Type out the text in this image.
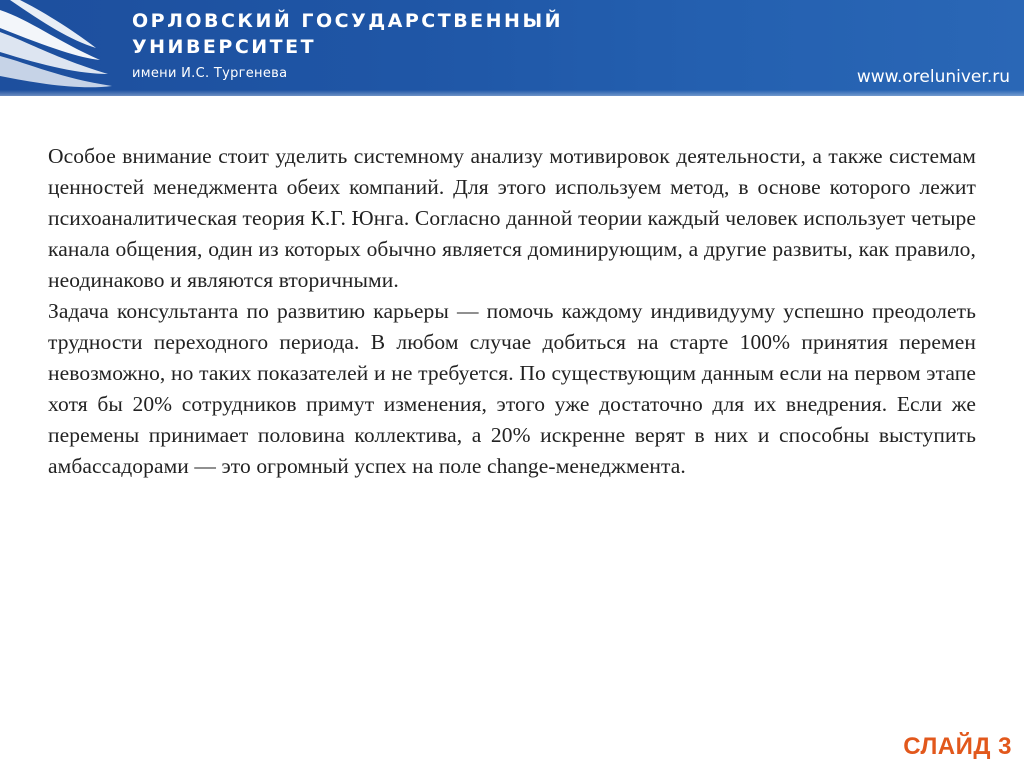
ОРЛОВСКИЙ ГОСУДАРСТВЕННЫЙ
УНИВЕРСИТЕТ
имени И.С. Тургенева	www.oreluniver.ru

Особое внимание стоит уделить системному анализу мотивировок деятельности, а также системам ценностей менеджмента обеих компаний. Для этого используем метод, в основе которого лежит психоаналитическая теория К.Г. Юнга. Согласно данной теории каждый человек использует четыре канала общения, один из которых обычно является доминирующим, а другие развиты, как правило, неодинаково и являются вторичными.

Задача консультанта по развитию карьеры — помочь каждому индивидууму успешно преодолеть трудности переходного периода. В любом случае добиться на старте 100% принятия перемен невозможно, но таких показателей и не требуется. По существующим данным если на первом этапе хотя бы 20% сотрудников примут изменения, этого уже достаточно для их внедрения. Если же перемены принимает половина коллектива, а 20% искренне верят в них и способны выступить амбассадорами — это огромный успех на поле change-менеджмента.

СЛАЙД 3
